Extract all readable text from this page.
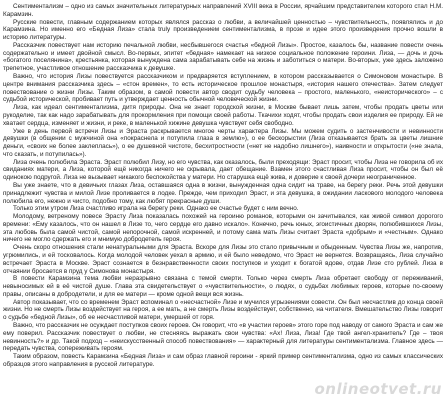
Сентиментализм – одно из самых значительных литературных направлений XVIII века в России, ярчайшим представителем которого стал Н.М. Карамзин.

Русские повести, главным содержанием которых являлся рассказ о любви, а величайшей ценностью – чувствительность, появлялись и до Карамзина. Но именно его «Бедная Лиза» стала truly произведением сентиментализма, в прозе и идее этого произведения прочно вошли в историю литературы.

Рассказчик повествует нам историю печальной любви, несбывшегося счастья «бедной Лизы». Простое, казалось бы, название повести очень содержательно и имеет двойной смысл. Во-первых, эпитет «бедная» намекает на низкое социальное положение героини. Лиза, — дочь и дочь «богатого поселянина», крестьянка, которая вынуждена сама зарабатывать себе на жизнь и заботиться о матери. Во-вторых, уже здесь заложено трепетное, участливое отношение рассказчика к девушке.

Важно, что история Лизы повествуется рассказчиком и предваряется вступлением, в котором рассказывается о Симоновом монастыре. В центре внимания рассказчика здесь – «стон времен», то есть историческое прошлое монастыря, «история нашего отечества». Затем следует повествование о жизни Лизы. Таким образом, в самой повести автор сводит судьбу человека – простого, маленького, «неисторического» – с судьбой исторической, пробивает путь и утверждает ценность обычной человеческой жизни.

Лиза, как идеал сентиментализма, дитя природы. Она не знает городской жизни, в Москве бывает лишь затем, чтобы продать цветы или рукоделие, так как надо зарабатывать для прокормления при помощи своей работы. Ткачихи ходят, чтобы продать свои изделия ее природу. Ей не хватает сердца, изменяет и жизни, и реке, в маленькой хижине девушка чувствует себя свободно.

Уже в день первой встречи Лизы и Эраста раскрывается многое черты характера Лизы. Мы можем судить о застенчивости и невинности девушки (в общении с мужчиной она «покраснела и потупила глаза в землю»), о ее бескорыстии (Лиза отказывается брать за цветы лишние деньги, «своих не более заклеплась»), о ее душевной чистоте, бесхитростности («нет не надобно лишнего»), наивности и открытости («не знала, что сказать, и потупилась»).

Лиза очень полюбила Эраста. Эраст полюбил Лизу, но его чувства, как оказалось, были преходящи: Эраст просит, чтобы Лиза не говорила об их свиданиях матери, а Лиза, которой ещё никогда ничего не скрывала, дает обещание. Взамен этого счастливая Лиза просит, чтобы он был её одинокою подругой. Лиза не вызывает никакого беспокойства у матери. Но старушка ещё жива, и доверие к своей дочери неограниченное.

Вы уже знаете, что в девичьих глазах Лиза, оставшаяся одна в жизни, вынужденная одна сидит на траве, на берегу реки. Речь этой девушки принадлежит чувства и милой Лизе проливается в лодке. Прежде, чем приходил Эраст, и эта девушка, в ожидании ласкового молодого человека полюбила его, нежно и чисто, подобно тому, как любят прекрасные души.

Только этим утром Лиза счастливо играла на берегу реки. Однако ее счастье будет с ним вечно.

Молодому, ветреному повесе Эрасту Лиза показалась похожей на героиню романов, которыми он зачитывался, как живой символ дорогого времени: «Ему казалось, что он нашел в Лизе то, чего сердце его давно искало». Конечно, речь юных, эгоистичных дворян, полюбившихся Лизы, эта любовь была самой чистой, самой непорочной, самой искренней, и потому сама мать Лизы считает Эраста «добрым» и «честным». Однако ничего не могло сдержать его и мнимую добродетель героя.

Очень скоро отношения стали ненатуральными для Эраста. Вскоре для Лизы это стало привычным и обыденным. Чувства Лизы же, напротив, угрюмились, и ей тосковалось. Когда молодой человек уехал в армию, и ей было неведомо, что Эраст не вернется. Возвращаясь, Лиза случайно встречает Эраста в Москве. Эраст сознается в безнравственности своих поступков и уходит к богатой вдове, отдав Лизе сто рублей. Лиза в отчаянии бросается в пруд у Симонова монастыря.

В повести Карамзина тема любви неразрывно связана с темой смерти. Только через смерть Лиза обретает свободу от переживаний, невыносимых ей в её чистой душе. Глава эта свидетельствует о «чувствительности», о людях, о судьбах любимых героев, которые по-своему правы, описаны в добродетели, и для ее матери — кроме одной вещи вся жизнь.

Автор показывает, что со временем Эраст вспоминал о «несчастной» Лизе и мучился угрызениями совести. Он был несчастлив до конца своей жизни. Но не смерть Лизы воздействует на героя, а ее мать, а не смерть Лизы воздействует, собственно, на читателя. Вмешательство Лизы говорит о судьбе «бедной Лизы», об ее несчастливой матери, умершей от горя.

Важно, что рассказчик не осуждает поступков своих героев. Он говорит, что «в участии героев» этого горе под наводу от самого Эраста и сам же ему поверил. Рассказчик повествует о любви, не стесняясь выражать свои чувства: «Ах! Лиза, Лиза! Где твой ангел-хранитель? Где – твоя невинность?» и др. Такой подход – «неискусственный способ повествования» — характерный для литературы сентиментализма. Главное здесь — передать чувства, сопереживать героям.

Таким образом, повесть Карамзина «Бедная Лиза» и сам образ главной героини - яркий пример сентиментализма, одно из самых классических образцов этого направления в русской литературе.

onlineotvet.ru
